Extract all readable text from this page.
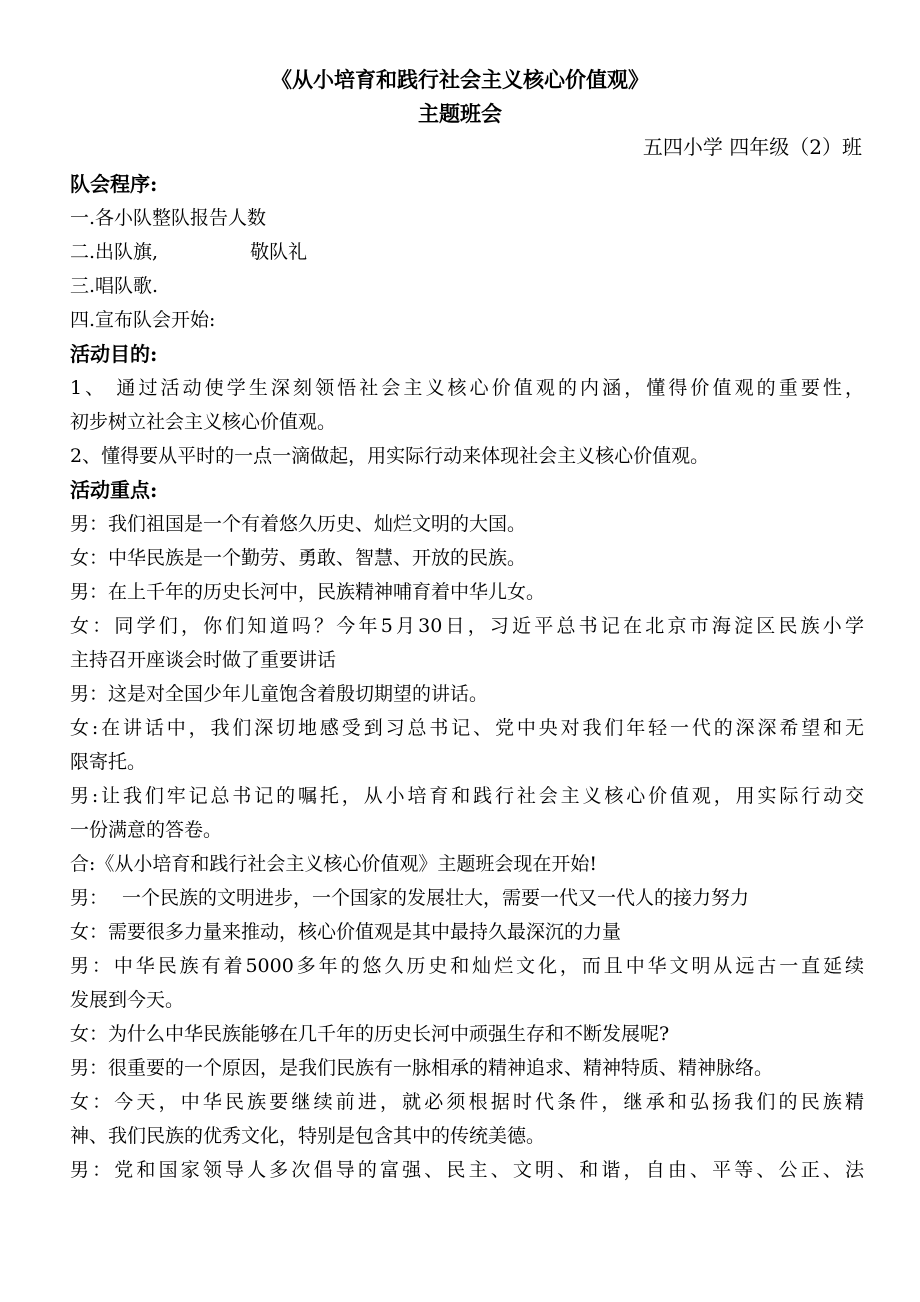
《从小培育和践行社会主义核心价值观》
主题班会
五四小学 四年级（2）班
队会程序:
一.各小队整队报告人数
二.出队旗,	敬队礼
三.唱队歌.
四.宣布队会开始:
活动目的:
1、 通过活动使学生深刻领悟社会主义核心价值观的内涵，懂得价值观的重要性，
初步树立社会主义核心价值观。
2、懂得要从平时的一点一滴做起，用实际行动来体现社会主义核心价值观。
活动重点:
男：我们祖国是一个有着悠久历史、灿烂文明的大国。
女：中华民族是一个勤劳、勇敢、智慧、开放的民族。
男：在上千年的历史长河中，民族精神哺育着中华儿女。
女：同学们，你们知道吗？今年5月30日，习近平总书记在北京市海淀区民族小学
主持召开座谈会时做了重要讲话
男：这是对全国少年儿童饱含着殷切期望的讲话。
女:在讲话中，我们深切地感受到习总书记、党中央对我们年轻一代的深深希望和无
限寄托。
男:让我们牢记总书记的嘱托，从小培育和践行社会主义核心价值观，用实际行动交
一份满意的答卷。
合:《从小培育和践行社会主义核心价值观》主题班会现在开始!
男： 一个民族的文明进步，一个国家的发展壮大，需要一代又一代人的接力努力
女：需要很多力量来推动，核心价值观是其中最持久最深沉的力量
男：中华民族有着5000多年的悠久历史和灿烂文化，而且中华文明从远古一直延续
发展到今天。
女：为什么中华民族能够在几千年的历史长河中顽强生存和不断发展呢?
男：很重要的一个原因，是我们民族有一脉相承的精神追求、精神特质、精神脉络。
女：今天，中华民族要继续前进，就必须根据时代条件，继承和弘扬我们的民族精
神、我们民族的优秀文化，特别是包含其中的传统美德。
男：党和国家领导人多次倡导的富强、民主、文明、和谐，自由、平等、公正、法
